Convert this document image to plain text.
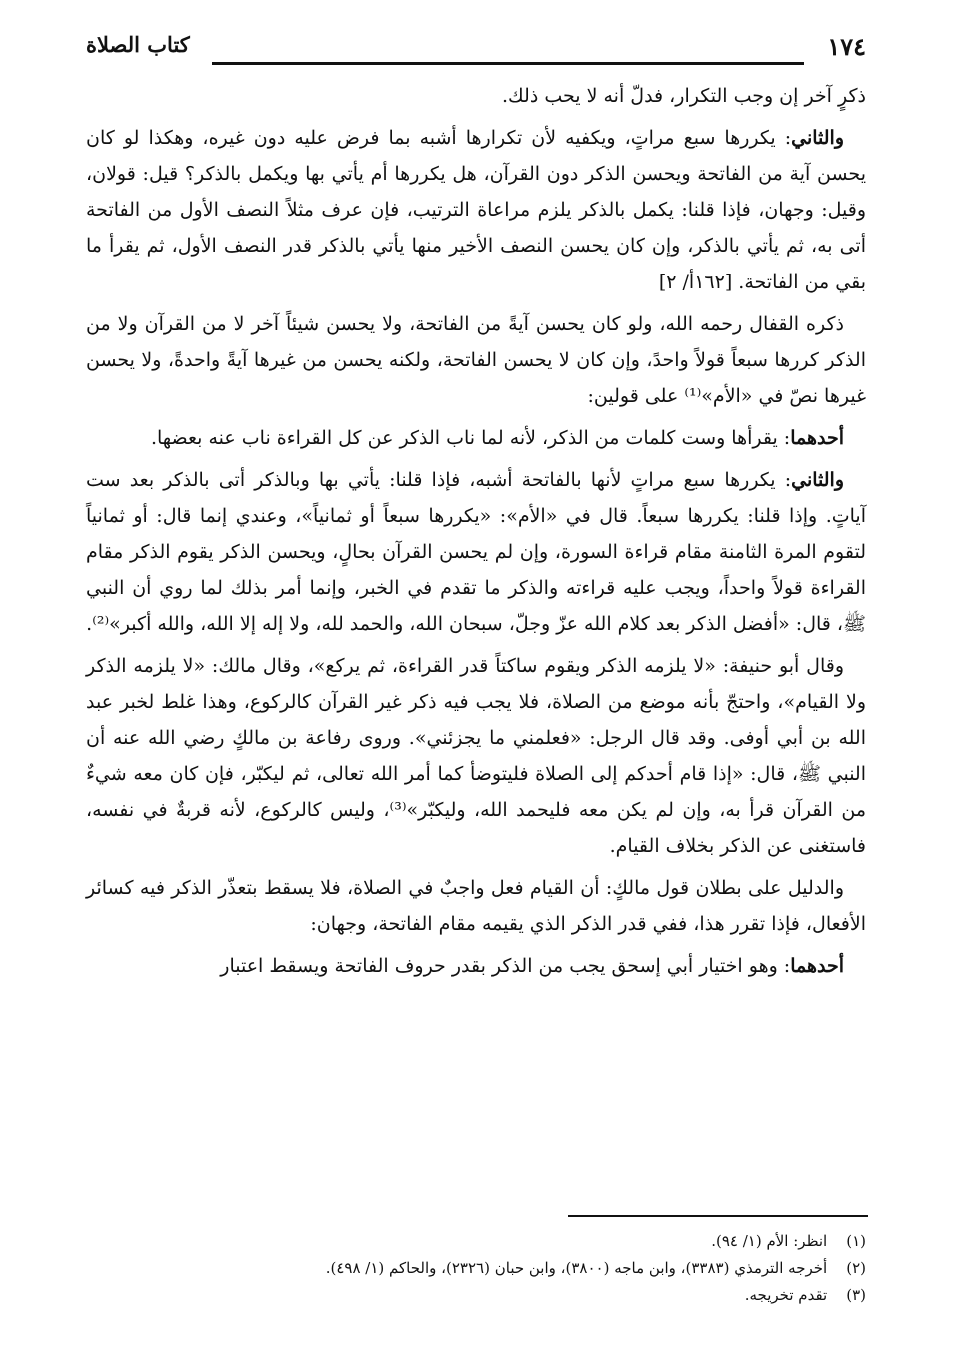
١٧٤
كتاب الصلاة

ذكرٍ آخر إن وجب التكرار، فدلّ أنه لا يحب ذلك.

والثاني: يكررها سبع مراتٍ، ويكفيه لأن تكرارها أشبه بما فرض عليه دون غيره، وهكذا لو كان يحسن آية من الفاتحة ويحسن الذكر دون القرآن، هل يكررها أم يأتي بها ويكمل بالذكر؟ قيل: قولان، وقيل: وجهان، فإذا قلنا: يكمل بالذكر يلزم مراعاة الترتيب، فإن عرف مثلاً النصف الأول من الفاتحة أتى به، ثم يأتي بالذكر، وإن كان يحسن النصف الأخير منها يأتي بالذكر قدر النصف الأول، ثم يقرأ ما بقي من الفاتحة. [١٦٢أ/ ٢]

ذكره القفال رحمه الله، ولو كان يحسن آيةً من الفاتحة، ولا يحسن شيئاً آخر لا من القرآن ولا من الذكر كررها سبعاً قولاً واحدً، وإن كان لا يحسن الفاتحة، ولكنه يحسن من غيرها آيةً واحدةً، ولا يحسن غيرها نصّ في «الأم»⁽¹⁾ على قولين:

أحدهما: يقرأها وست كلمات من الذكر، لأنه لما ناب الذكر عن كل القراءة ناب عنه بعضها.

والثاني: يكررها سبع مراتٍ لأنها بالفاتحة أشبه، فإذا قلنا: يأتي بها وبالذكر أتى بالذكر بعد ست آياتٍ. وإذا قلنا: يكررها سبعاً. قال في «الأم»: «يكررها سبعاً أو ثمانياً»، وعندي إنما قال: أو ثمانياً لتقوم المرة الثامنة مقام قراءة السورة، وإن لم يحسن القرآن بحالٍ، ويحسن الذكر يقوم الذكر مقام القراءة قولاً واحداً، ويجب عليه قراءته والذكر ما تقدم في الخبر، وإنما أمر بذلك لما روي أن النبي ﷺ، قال: «أفضل الذكر بعد كلام الله عزّ وجلّ، سبحان الله، والحمد لله، ولا إله إلا الله، والله أكبر»⁽²⁾.

وقال أبو حنيفة: «لا يلزمه الذكر ويقوم ساكتاً قدر القراءة، ثم يركع»، وقال مالك: «لا يلزمه الذكر ولا القيام»، واحتجّ بأنه موضع من الصلاة، فلا يجب فيه ذكر غير القرآن كالركوع، وهذا غلط لخبر عبد الله بن أبي أوفى. وقد قال الرجل: «فعلمني ما يجزئني». وروى رفاعة بن مالكٍ رضي الله عنه أن النبي ﷺ، قال: «إذا قام أحدكم إلى الصلاة فليتوضأ كما أمر الله تعالى، ثم ليكبّر، فإن كان معه شيءٌ من القرآن قرأ به، وإن لم يكن معه فليحمد الله، وليكبّر»⁽³⁾، وليس كالركوع، لأنه قربةٌ في نفسه، فاستغنى عن الذكر بخلاف القيام.

والدليل على بطلان قول مالكٍ: أن القيام فعل واجبٌ في الصلاة، فلا يسقط بتعذّر الذكر فيه كسائر الأفعال، فإذا تقرر هذا، ففي قدر الذكر الذي يقيمه مقام الفاتحة، وجهان:

أحدهما: وهو اختيار أبي إسحق يجب من الذكر بقدر حروف الفاتحة ويسقط اعتبار

(١) انظر: الأم (١/ ٩٤).

(٢) أخرجه الترمذي (٣٣٨٣)، وابن ماجه (٣٨٠٠)، وابن حبان (٢٣٢٦)، والحاكم (١/ ٤٩٨).

(٣) تقدم تخريجه.
